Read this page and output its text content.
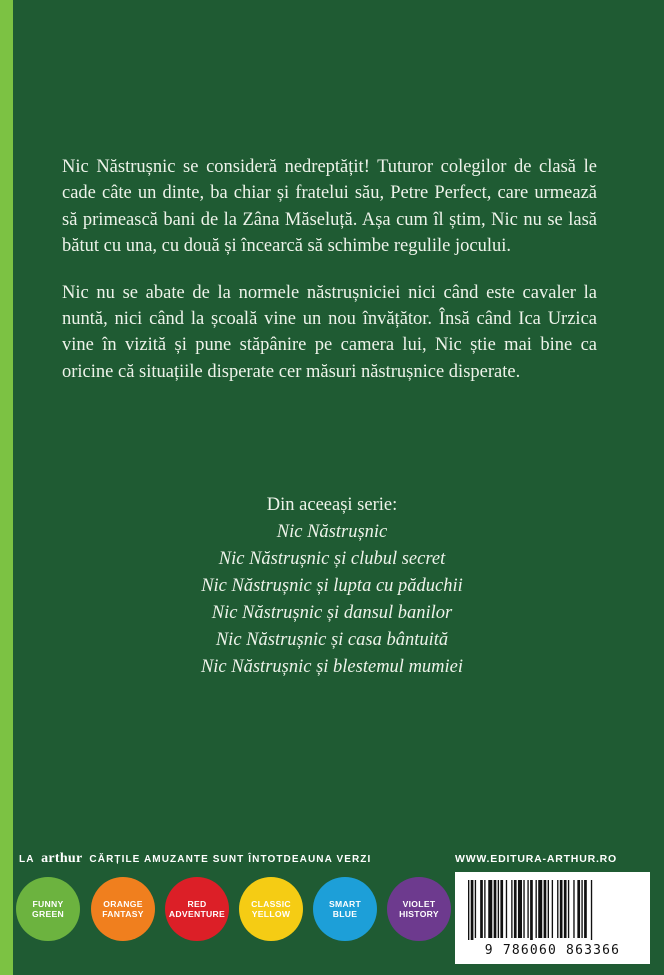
Nic Năstrușnic se consideră nedreptățit! Tuturor colegilor de clasă le cade câte un dinte, ba chiar și fratelui său, Petre Perfect, care urmează să primească bani de la Zâna Măseluță. Așa cum îl știm, Nic nu se lasă bătut cu una, cu două și încearcă să schimbe regulile jocului.

Nic nu se abate de la normele năstrușniciei nici când este cavaler la nuntă, nici când la școală vine un nou învățător. Însă când Ica Urzica vine în vizită și pune stăpânire pe camera lui, Nic știe mai bine ca oricine că situațiile disperate cer măsuri năstrușnice disperate.

Din aceeași serie:
Nic Năstrușnic
Nic Năstrușnic și clubul secret
Nic Năstrușnic și lupta cu păduchii
Nic Năstrușnic și dansul banilor
Nic Năstrușnic și casa bântuită
Nic Năstrușnic și blestemul mumiei
LA arthur CĂRȚILE AMUZANTE SUNT ÎNTOTDEAUNA VERZI	WWW.EDITURA-ARTHUR.RO
FUNNY
GREEN
ORANGE
FANTASY
RED
ADVENTURE
CLASSIC
YELLOW
SMART
BLUE
VIOLET
HISTORY
9 786060 863366
